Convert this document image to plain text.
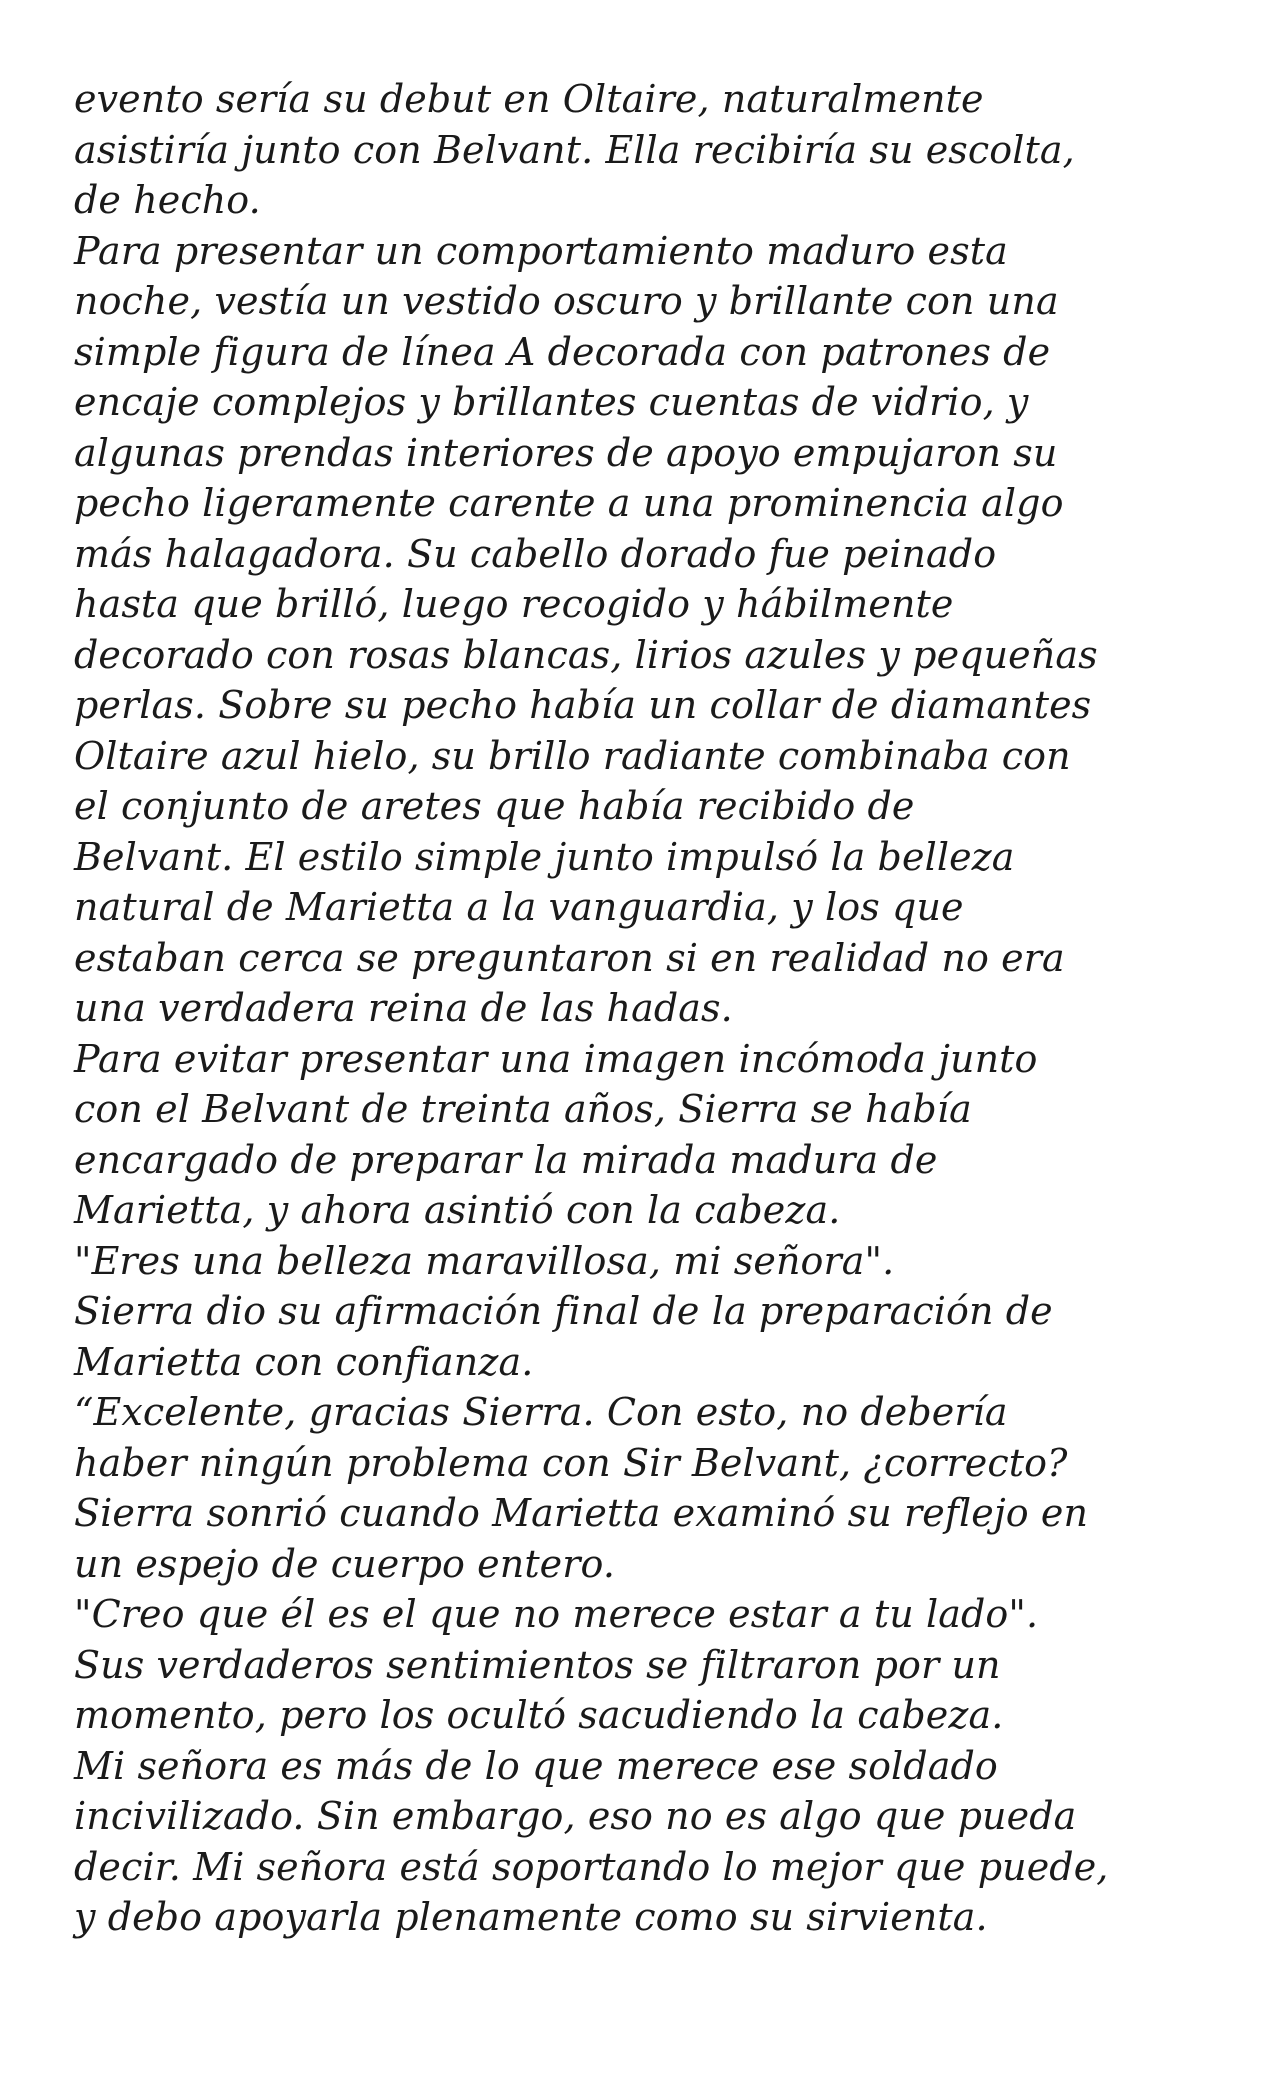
evento sería su debut en Oltaire, naturalmente
asistiría junto con Belvant. Ella recibiría su escolta,
de hecho.
Para presentar un comportamiento maduro esta
noche, vestía un vestido oscuro y brillante con una
simple figura de línea A decorada con patrones de
encaje complejos y brillantes cuentas de vidrio, y
algunas prendas interiores de apoyo empujaron su
pecho ligeramente carente a una prominencia algo
más halagadora. Su cabello dorado fue peinado
hasta que brilló, luego recogido y hábilmente
decorado con rosas blancas, lirios azules y pequeñas
perlas. Sobre su pecho había un collar de diamantes
Oltaire azul hielo, su brillo radiante combinaba con
el conjunto de aretes que había recibido de
Belvant. El estilo simple junto impulsó la belleza
natural de Marietta a la vanguardia, y los que
estaban cerca se preguntaron si en realidad no era
una verdadera reina de las hadas.
Para evitar presentar una imagen incómoda junto
con el Belvant de treinta años, Sierra se había
encargado de preparar la mirada madura de
Marietta, y ahora asintió con la cabeza.
"Eres una belleza maravillosa, mi señora".
Sierra dio su afirmación final de la preparación de
Marietta con confianza.
“Excelente, gracias Sierra. Con esto, no debería
haber ningún problema con Sir Belvant, ¿correcto?
Sierra sonrió cuando Marietta examinó su reflejo en
un espejo de cuerpo entero.
"Creo que él es el que no merece estar a tu lado".
Sus verdaderos sentimientos se filtraron por un
momento, pero los ocultó sacudiendo la cabeza.
Mi señora es más de lo que merece ese soldado
incivilizado. Sin embargo, eso no es algo que pueda
decir. Mi señora está soportando lo mejor que puede,
y debo apoyarla plenamente como su sirvienta.
